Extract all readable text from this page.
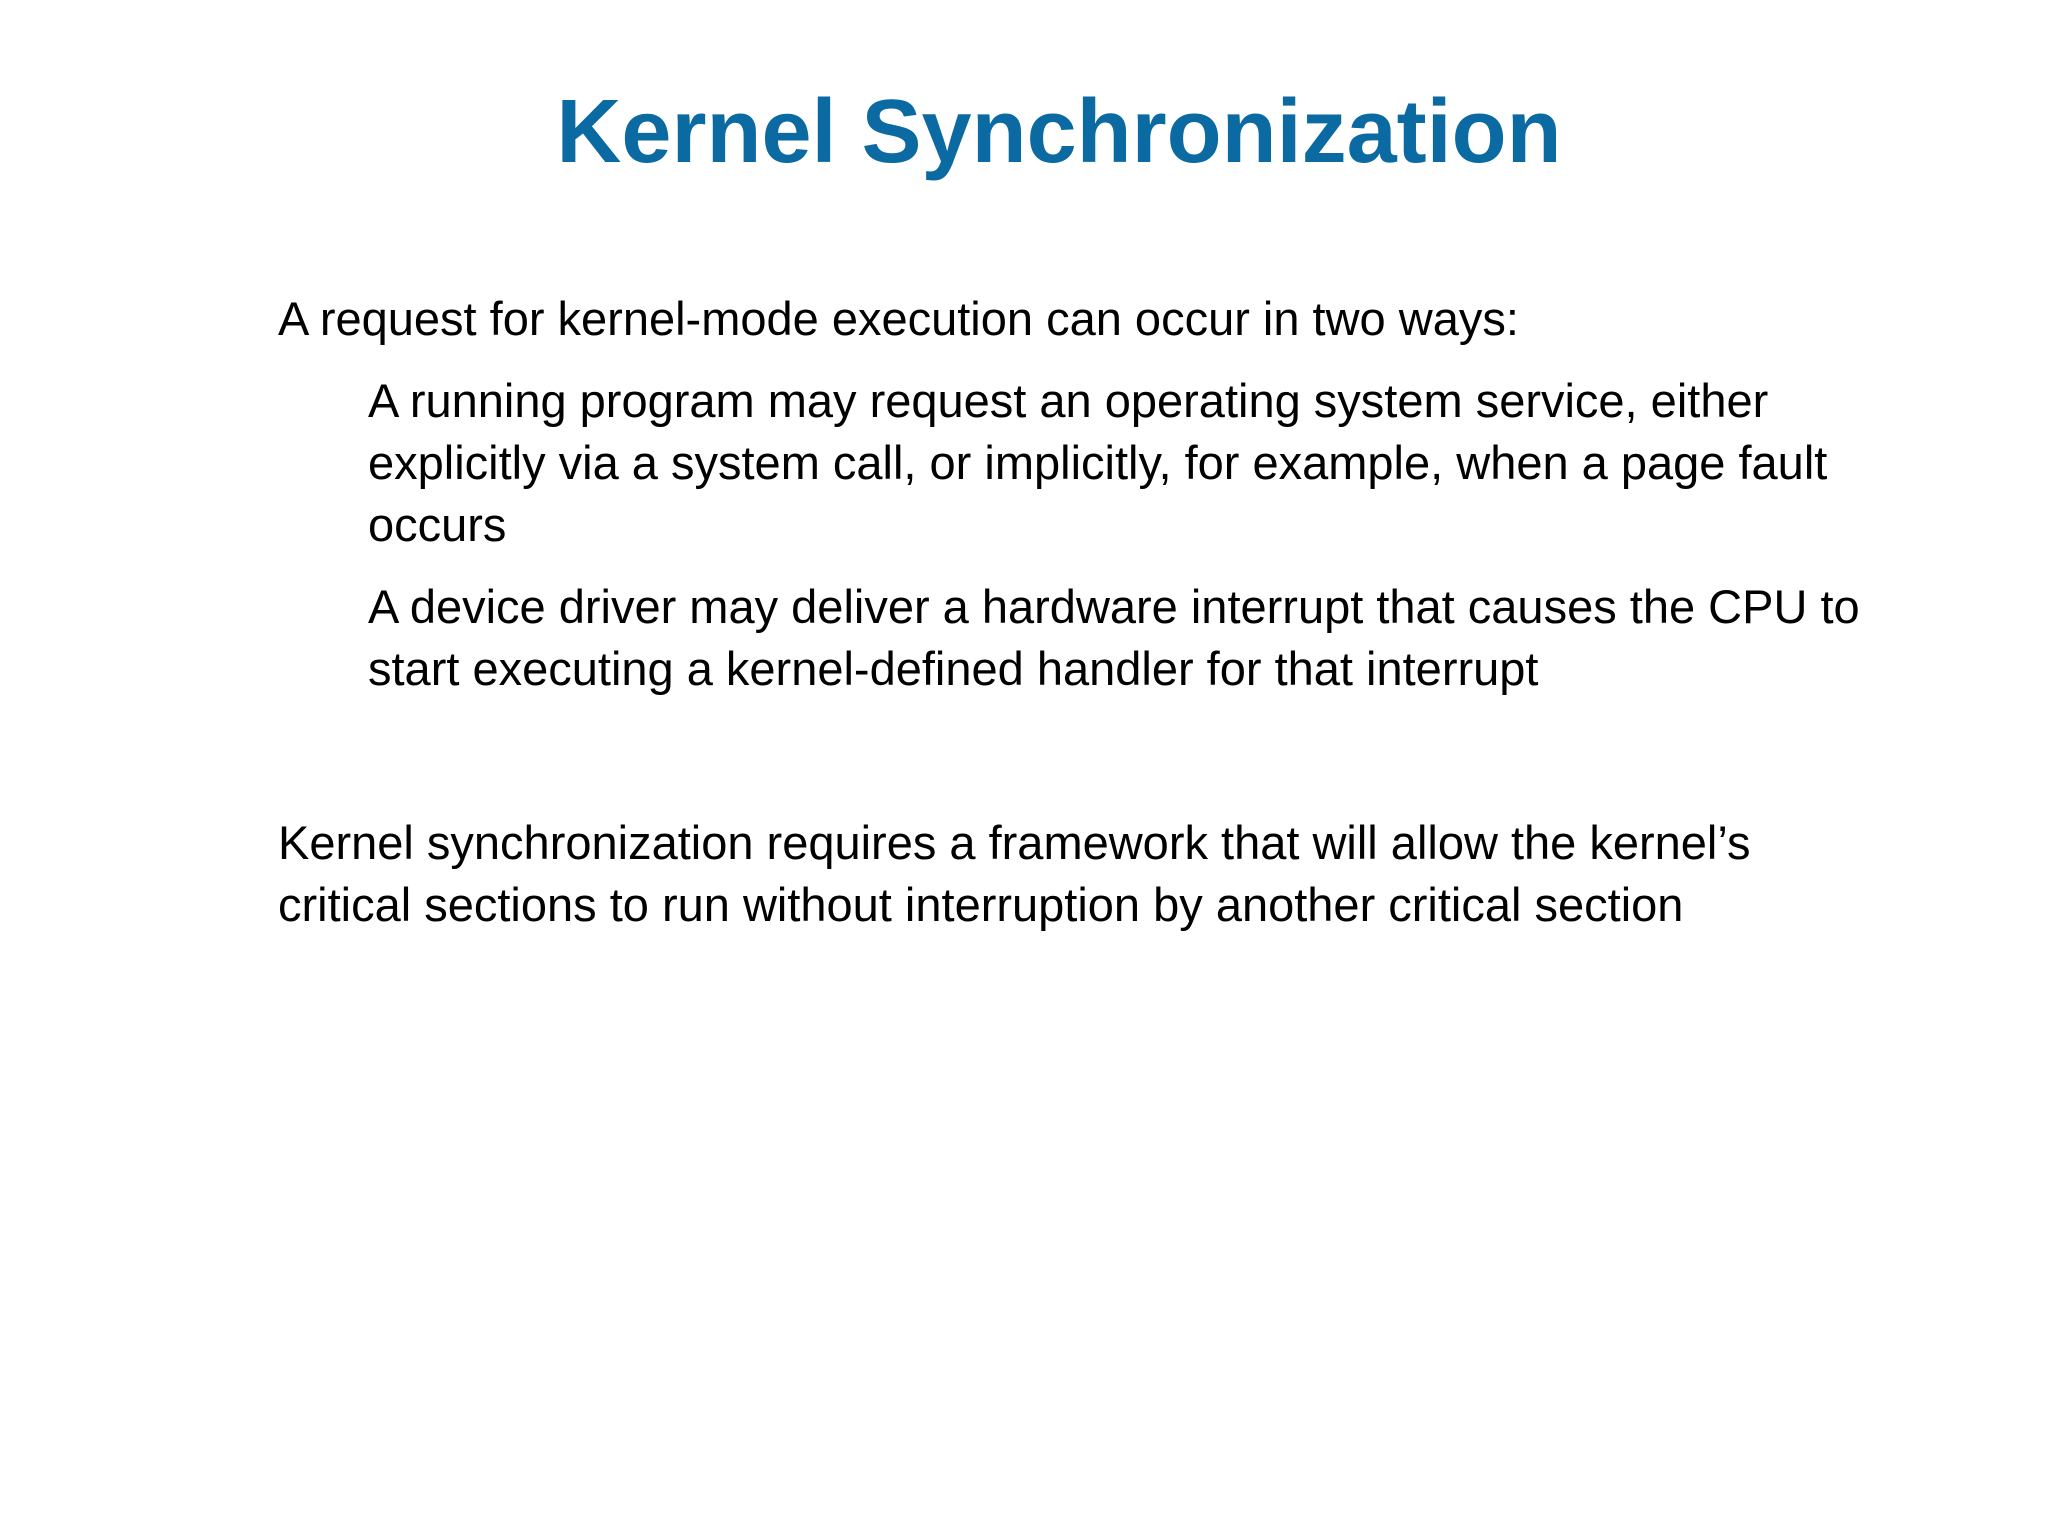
Kernel Synchronization

A request for kernel-mode execution can occur in two ways:

A running program may request an operating system service, either explicitly via a system call, or implicitly, for example, when a page fault occurs

A device driver may deliver a hardware interrupt that causes the CPU to start executing a kernel-defined handler for that interrupt

Kernel synchronization requires a framework that will allow the kernel’s critical sections to run without interruption by another critical section
